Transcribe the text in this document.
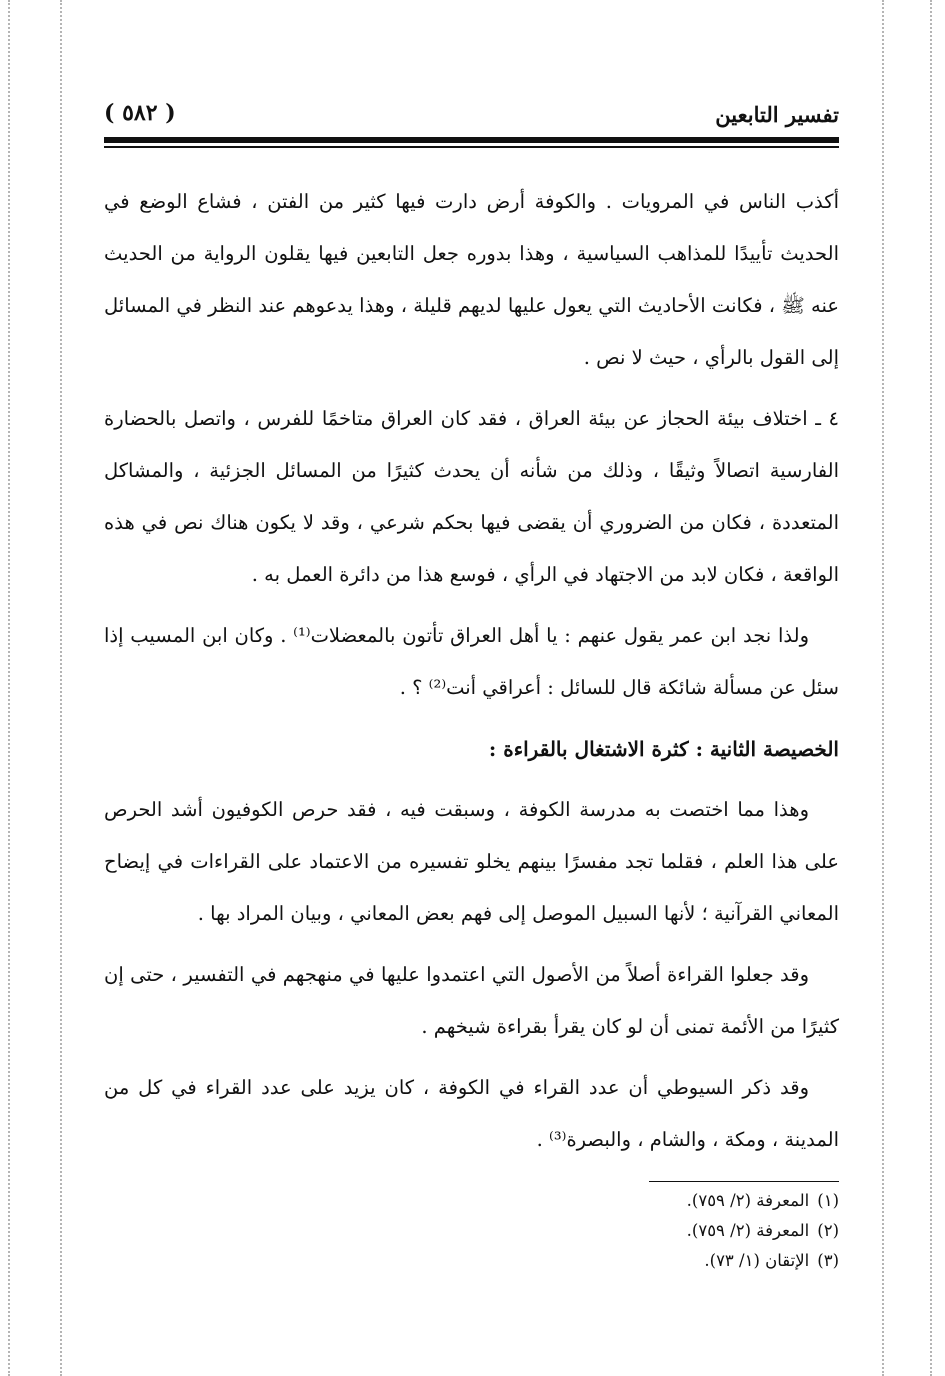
( ٥٨٢ )	تفسير التابعين

أكذب الناس في المرويات . والكوفة أرض دارت فيها كثير من الفتن ، فشاع الوضع في الحديث تأييدًا للمذاهب السياسية ، وهذا بدوره جعل التابعين فيها يقلون الرواية من الحديث عنه ﷺ ، فكانت الأحاديث التي يعول عليها لديهم قليلة ، وهذا يدعوهم عند النظر في المسائل إلى القول بالرأي ، حيث لا نص .

٤ ـ اختلاف بيئة الحجاز عن بيئة العراق ، فقد كان العراق متاخمًا للفرس ، واتصل بالحضارة الفارسية اتصالاً وثيقًا ، وذلك من شأنه أن يحدث كثيرًا من المسائل الجزئية ، والمشاكل المتعددة ، فكان من الضروري أن يقضى فيها بحكم شرعي ، وقد لا يكون هناك نص في هذه الواقعة ، فكان لابد من الاجتهاد في الرأي ، فوسع هذا من دائرة العمل به .

ولذا نجد ابن عمر يقول عنهم : يا أهل العراق تأتون بالمعضلات⁽¹⁾ . وكان ابن المسيب إذا سئل عن مسألة شائكة قال للسائل : أعراقي أنت⁽²⁾ ؟ .

الخصيصة الثانية : كثرة الاشتغال بالقراءة :

وهذا مما اختصت به مدرسة الكوفة ، وسبقت فيه ، فقد حرص الكوفيون أشد الحرص على هذا العلم ، فقلما تجد مفسرًا بينهم يخلو تفسيره من الاعتماد على القراءات في إيضاح المعاني القرآنية ؛ لأنها السبيل الموصل إلى فهم بعض المعاني ، وبيان المراد بها .

وقد جعلوا القراءة أصلاً من الأصول التي اعتمدوا عليها في منهجهم في التفسير ، حتى إن كثيرًا من الأئمة تمنى أن لو كان يقرأ بقراءة شيخهم .

وقد ذكر السيوطي أن عدد القراء في الكوفة ، كان يزيد على عدد القراء في كل من المدينة ، ومكة ، والشام ، والبصرة⁽³⁾ .

(١)المعرفة (٢/ ٧٥٩).
(٢)المعرفة (٢/ ٧٥٩).
(٣)الإتقان (١/ ٧٣).
